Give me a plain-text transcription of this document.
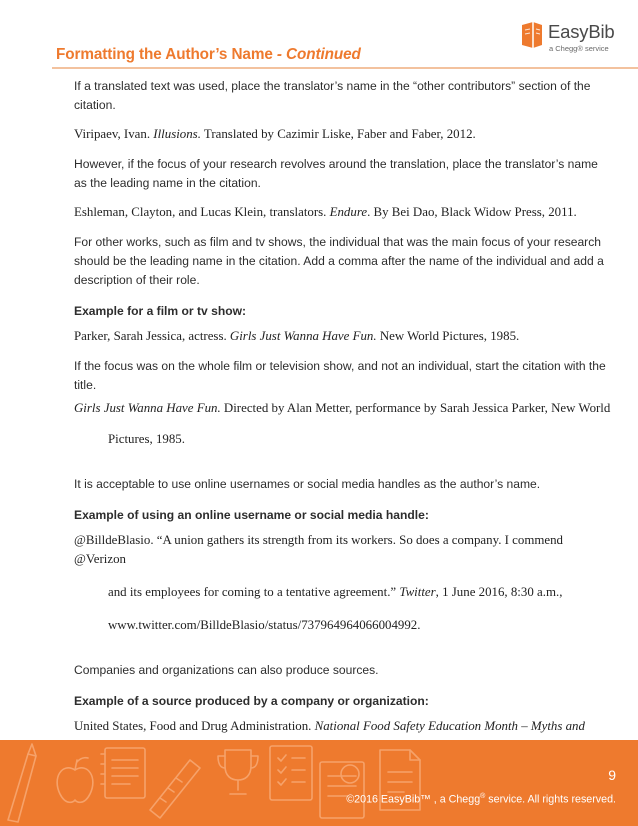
EasyBib
a Chegg® service
Formatting the Author’s Name - Continued

If a translated text was used, place the translator’s name in the “other contributors” section of the citation.

Viripaev, Ivan. Illusions. Translated by Cazimir Liske, Faber and Faber, 2012.

However, if the focus of your research revolves around the translation, place the translator’s name as the leading name in the citation.

Eshleman, Clayton, and Lucas Klein, translators. Endure. By Bei Dao, Black Widow Press, 2011.

For other works, such as film and tv shows, the individual that was the main focus of your research should be the leading name in the citation. Add a comma after the name of the individual and add a description of their role.

Example for a film or tv show:

Parker, Sarah Jessica, actress. Girls Just Wanna Have Fun. New World Pictures, 1985.

If the focus was on the whole film or television show, and not an individual, start the citation with the title.

Girls Just Wanna Have Fun. Directed by Alan Metter, performance by Sarah Jessica Parker, New World

Pictures, 1985.

It is acceptable to use online usernames or social media handles as the author’s name.

Example of using an online username or social media handle:

@BilldeBlasio. “A union gathers its strength from its workers. So does a company. I commend @Verizon

and its employees for coming to a tentative agreement.” Twitter, 1 June 2016, 8:30 a.m.,

www.twitter.com/BilldeBlasio/status/737964964066004992.

Companies and organizations can also produce sources.

Example of a source produced by a company or organization:

United States, Food and Drug Administration. National Food Safety Education Month – Myths and

9
©2016 EasyBib™ , a Chegg® service. All rights reserved.
